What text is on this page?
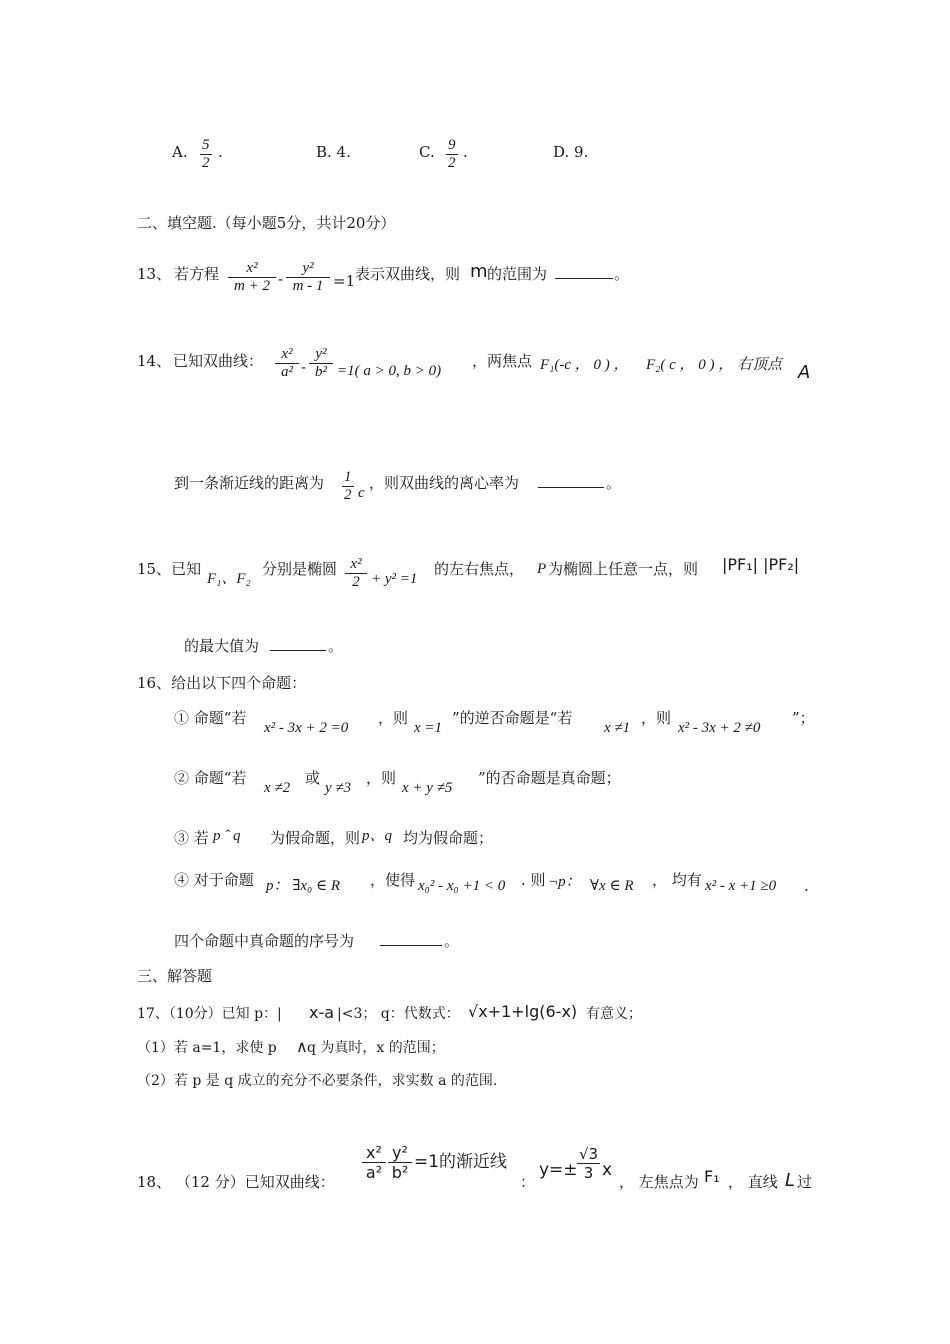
A. $\frac{5}{2}$ .	B. 4.	C. $\frac{9}{2}$ .	D. 9.
二、填空题.（每小题5分，共计20分）
13、 若方程 $\frac{\text{x²}}{m + 2} - \frac{\text{y²}}{m - 1} =1$ 表示双曲线，则 m 的范围为	。
14、 已知双曲线： $\frac{\text{x²}}{\text{a²}} - \frac{\text{y²}}{\text{b²}} =1$( a > 0, b > 0)
，两焦点 F₁(-c ， 0 ) ， F₂( c ， 0 ) ， 右顶点 A
到一条渐近线的距离为 $\frac{1}{2}$ c
，则双曲线的离心率为	。
15、已知
F₁、F₂
分别是椭圆 $\frac{\text{x²}}{2} + y^2 =1$
的左右焦点， P 为椭圆上任意一点，则 |PF₁| |PF₂|
的最大值为	。
16、给出以下四个命题：
① 命题“若
x² - 3x + 2 =0
，则
x =1
”的逆否命题是“若
x ≠1
，则
x² - 3x + 2 ≠0
”；
② 命题“若
x ≠2
或
y ≠3
，则
x + y ≠5
”的否命题是真命题；
③ 若 p ˆ q 为假命题，则 p、q 均为假命题；
④ 对于命题 p： ∃x₀ ∈ R ，使得 x₀² - x₀ +1 < 0 . 则 ¬p： ∀x ∈ R ， 均有 x² - x +1 ≥0 .
四个命题中真命题的序号为	。
三、解答题
17、（10分）已知 p：| x-a |<3； q：代数式： √x+1+lg(6-x) 有意义；
（1）若 a=1，求使 p ∧ q 为真时，x 的范围；
（2）若 p 是 q 成立的充分不必要条件，求实数 a 的范围.
18、 （12 分）已知双曲线： $\frac{\text{x²}}{\text{a²}} \frac{\text{y²}}{\text{b²}} =1$的渐近线
：
$y=\pm \frac{√3}{3}$ x
， 左焦点为 F₁ ， 直线 L 过
